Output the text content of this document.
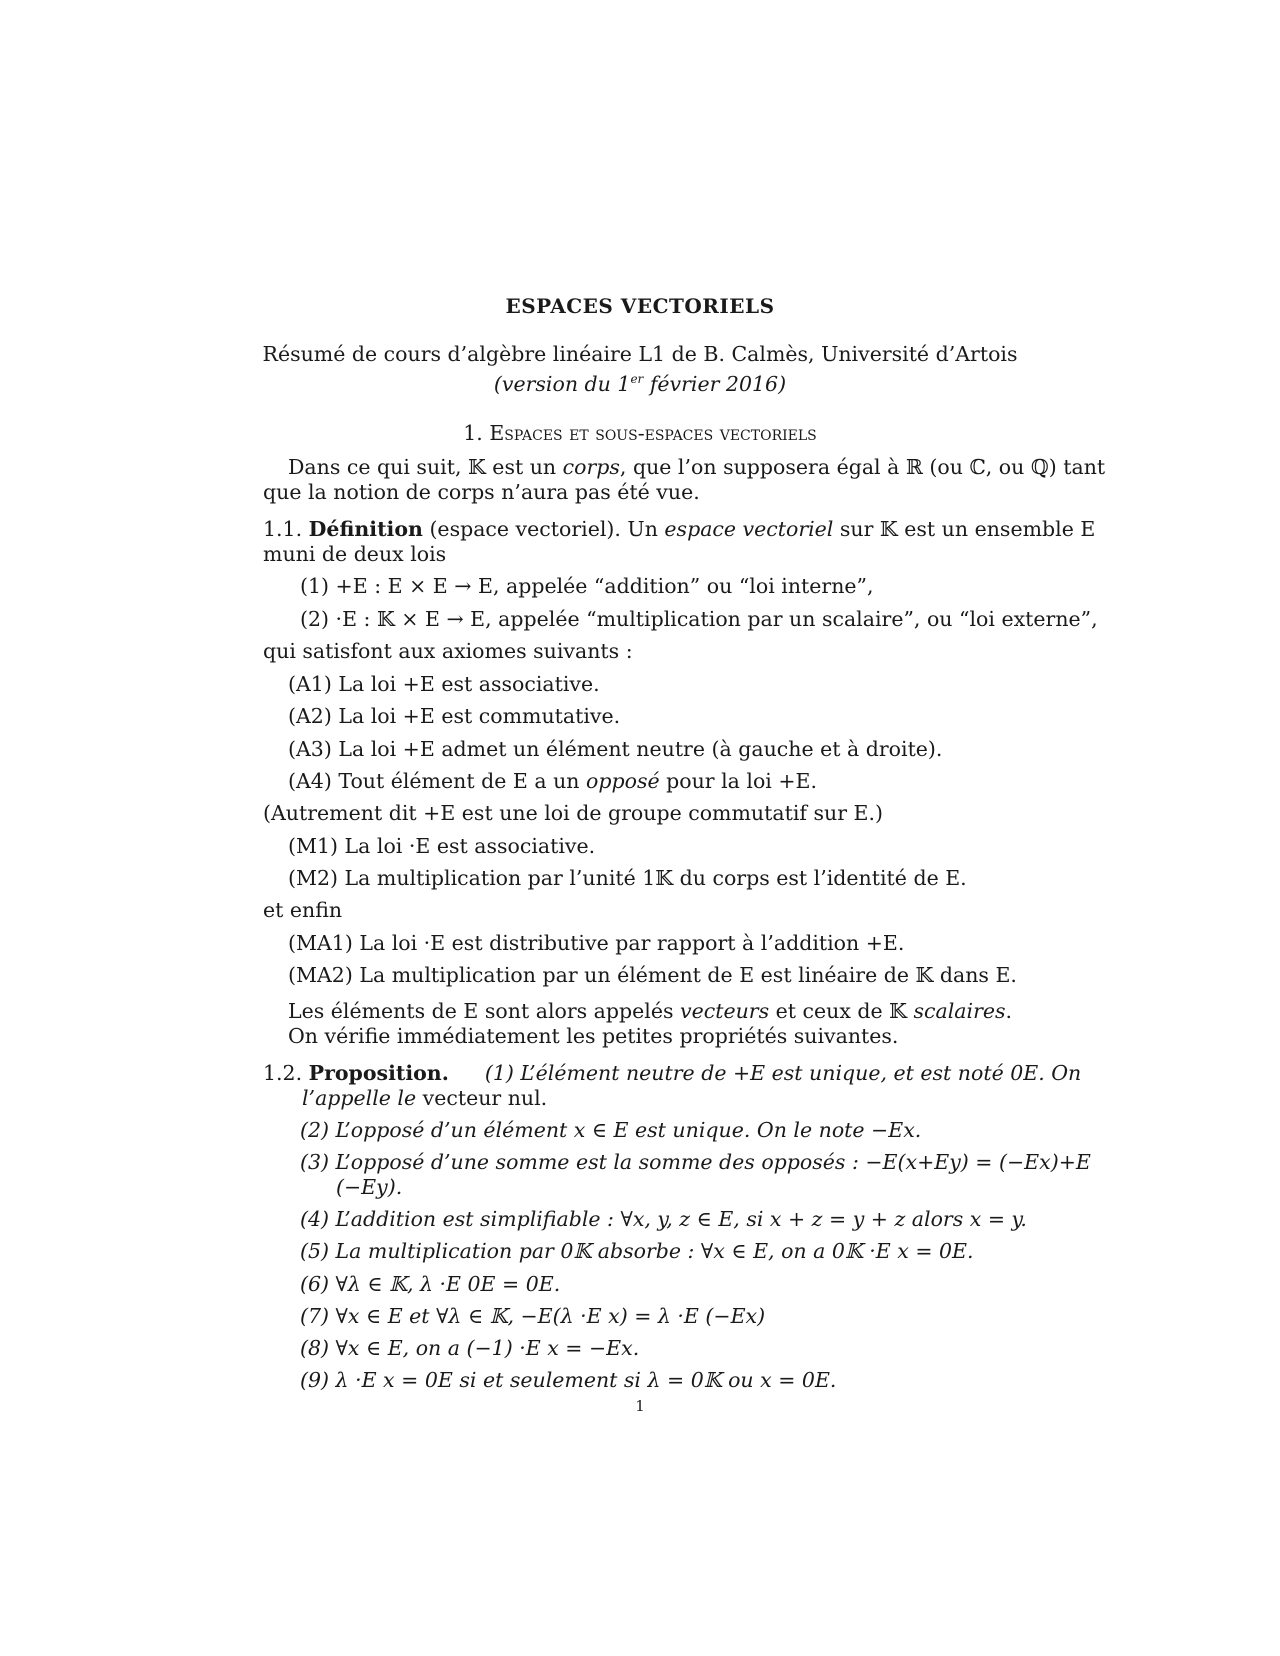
ESPACES VECTORIELS
Résumé de cours d’algèbre linéaire L1 de B. Calmès, Université d’Artois
(version du 1er février 2016)
1. Espaces et sous-espaces vectoriels
Dans ce qui suit, 𝕂 est un corps, que l’on supposera égal à ℝ (ou ℂ, ou ℚ) tant
que la notion de corps n’aura pas été vue.
1.1. Définition (espace vectoriel). Un espace vectoriel sur 𝕂 est un ensemble E
muni de deux lois
(1) +E : E × E → E, appelée “addition” ou “loi interne”,
(2) ·E : 𝕂 × E → E, appelée “multiplication par un scalaire”, ou “loi externe”,
qui satisfont aux axiomes suivants :
(A1) La loi +E est associative.
(A2) La loi +E est commutative.
(A3) La loi +E admet un élément neutre (à gauche et à droite).
(A4) Tout élément de E a un opposé pour la loi +E.
(Autrement dit +E est une loi de groupe commutatif sur E.)
(M1) La loi ·E est associative.
(M2) La multiplication par l’unité 1𝕂 du corps est l’identité de E.
et enfin
(MA1) La loi ·E est distributive par rapport à l’addition +E.
(MA2) La multiplication par un élément de E est linéaire de 𝕂 dans E.
Les éléments de E sont alors appelés vecteurs et ceux de 𝕂 scalaires.
On vérifie immédiatement les petites propriétés suivantes.
1.2. Proposition. (1) L’élément neutre de +E est unique, et est noté 0E. On
l’appelle le vecteur nul.
(2) L’opposé d’un élément x ∈ E est unique. On le note −Ex.
(3) L’opposé d’une somme est la somme des opposés : −E(x+Ey) = (−Ex)+E
(−Ey).
(4) L’addition est simplifiable : ∀x, y, z ∈ E, si x + z = y + z alors x = y.
(5) La multiplication par 0𝕂 absorbe : ∀x ∈ E, on a 0𝕂 ·E x = 0E.
(6) ∀λ ∈ 𝕂, λ ·E 0E = 0E.
(7) ∀x ∈ E et ∀λ ∈ 𝕂, −E(λ ·E x) = λ ·E (−Ex)
(8) ∀x ∈ E, on a (−1) ·E x = −Ex.
(9) λ ·E x = 0E si et seulement si λ = 0𝕂 ou x = 0E.
1
